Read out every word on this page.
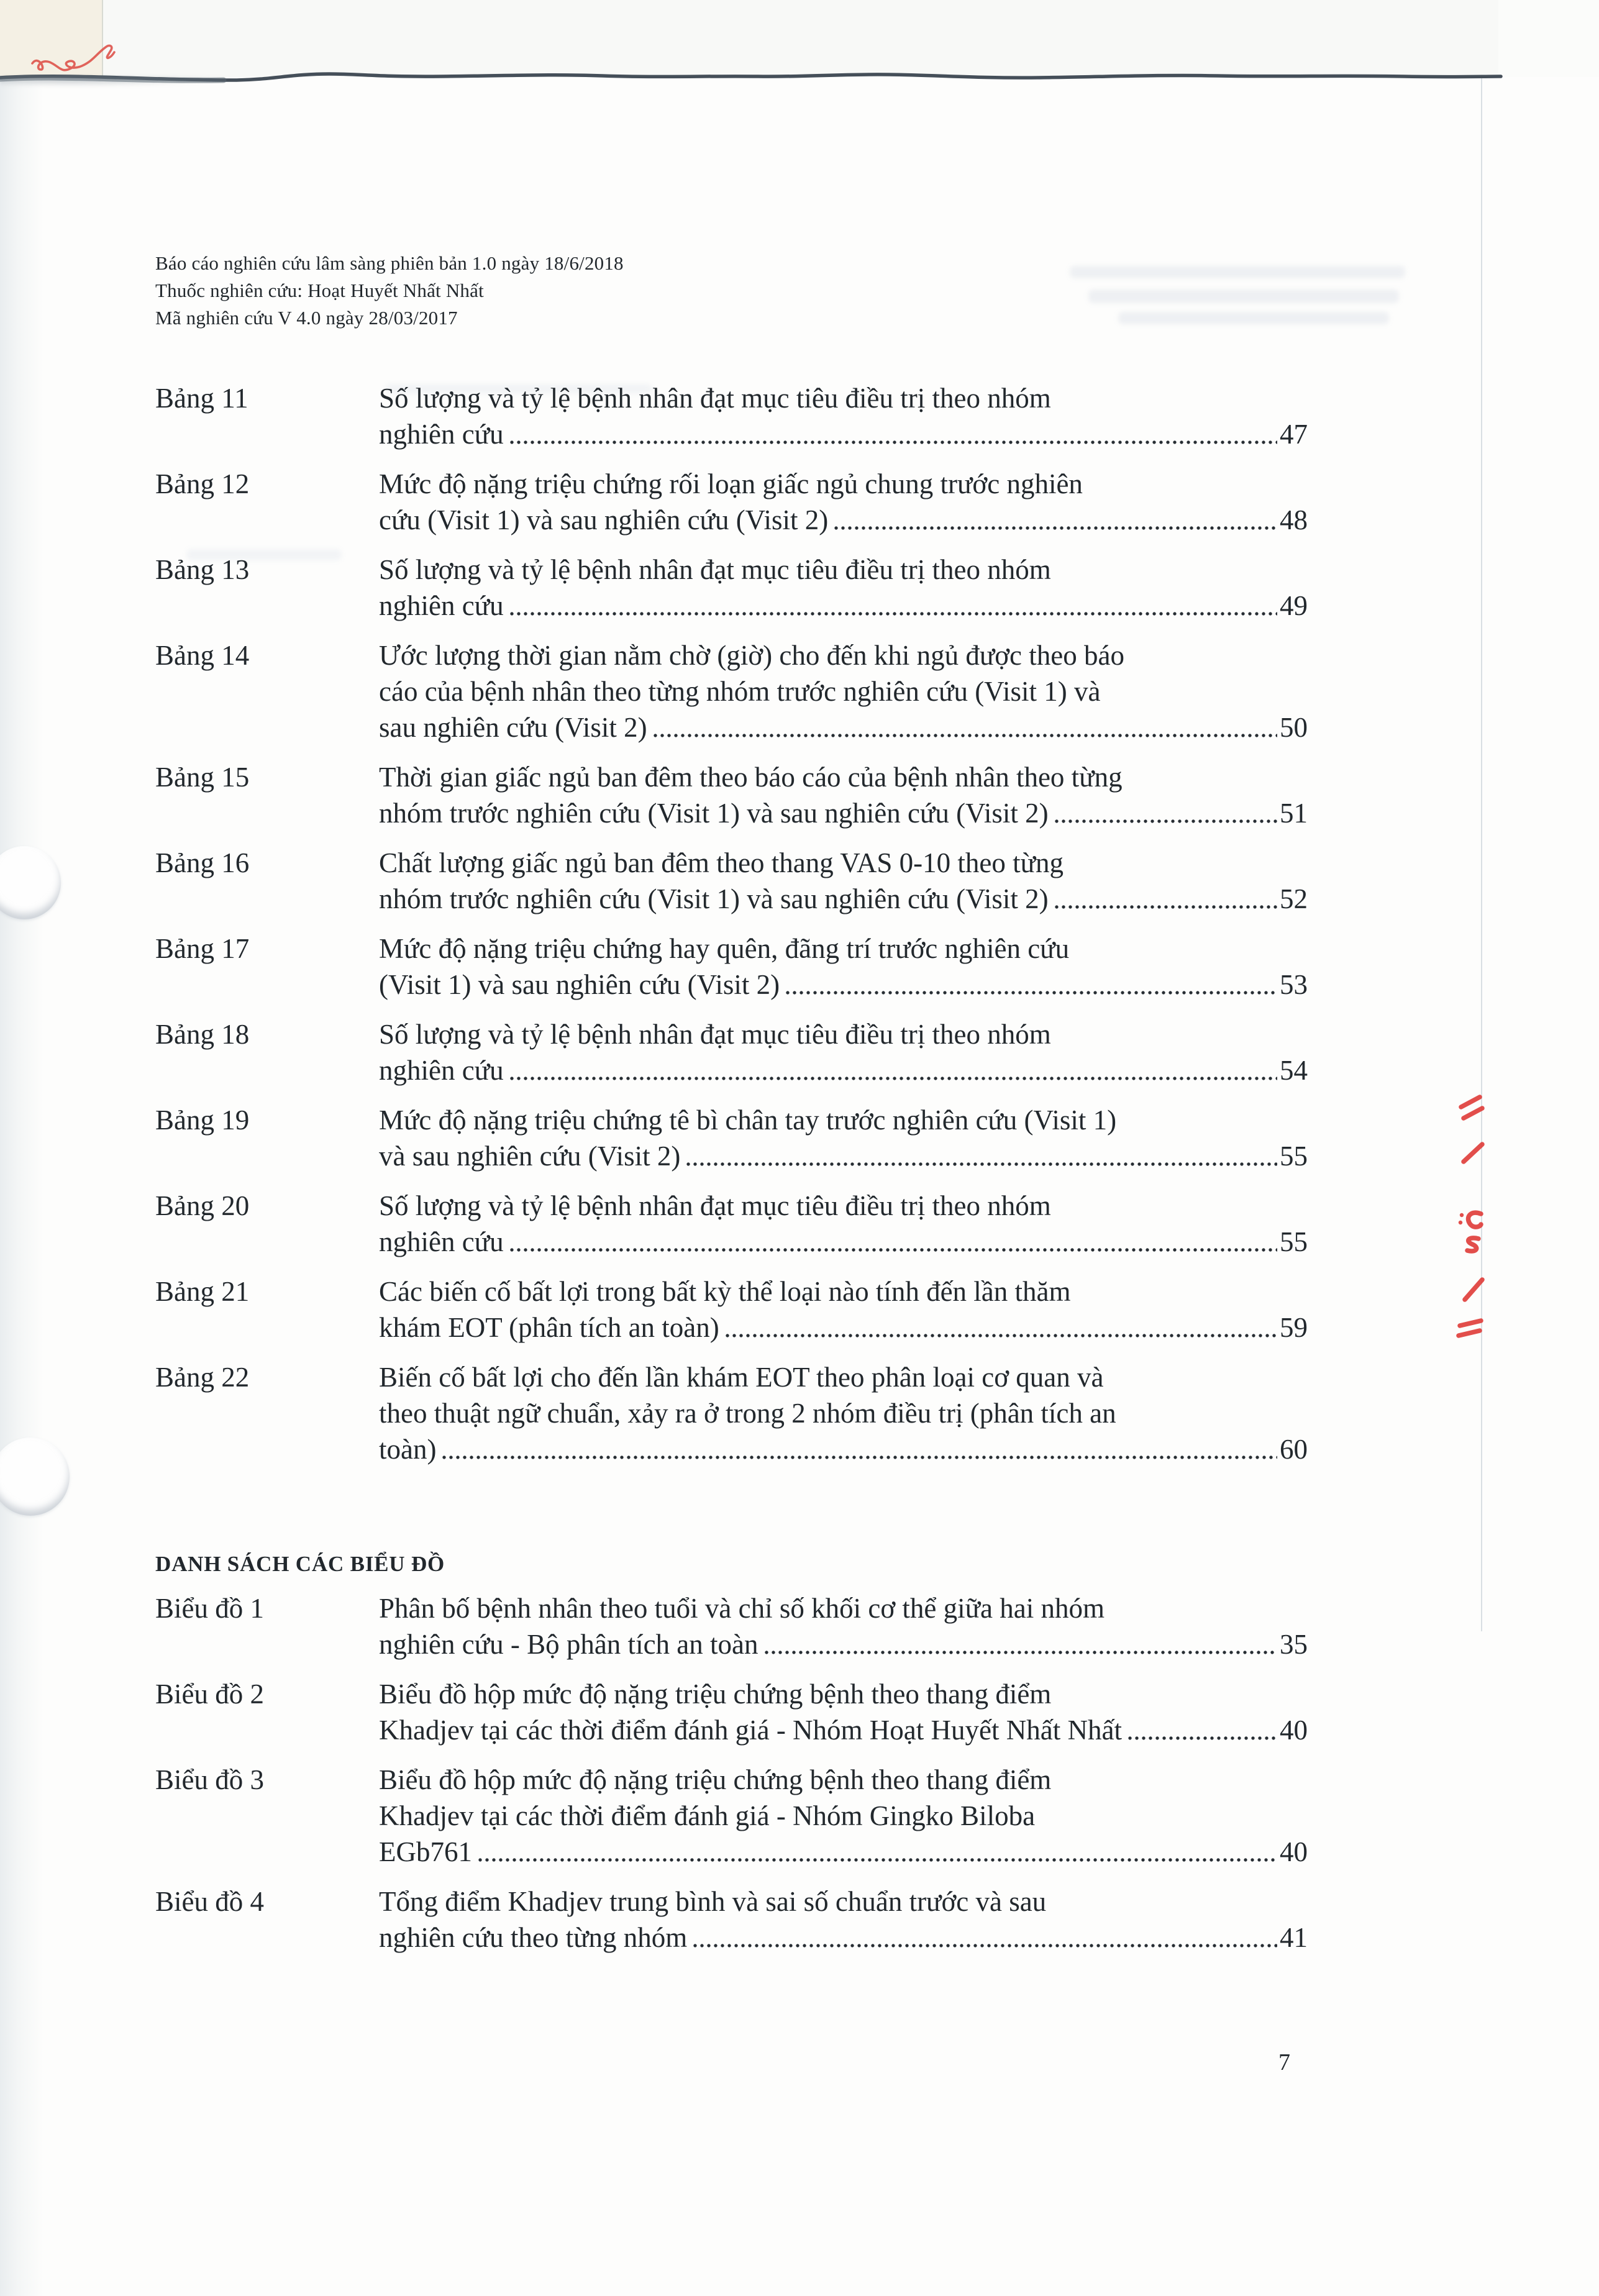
Báo cáo nghiên cứu lâm sàng phiên bản 1.0 ngày 18/6/2018
Thuốc nghiên cứu: Hoạt Huyết Nhất Nhất
Mã nghiên cứu V 4.0 ngày 28/03/2017
Bảng 11	Số lượng và tỷ lệ bệnh nhân đạt mục tiêu điều trị theo nhóm
nghiên cứu	47
Bảng 12	Mức độ nặng triệu chứng rối loạn giấc ngủ chung trước nghiên
cứu (Visit 1) và sau nghiên cứu (Visit 2)	48
Bảng 13	Số lượng và tỷ lệ bệnh nhân đạt mục tiêu điều trị theo nhóm
nghiên cứu	49
Bảng 14	Ước lượng thời gian nằm chờ (giờ) cho đến khi ngủ được theo báo
cáo của bệnh nhân theo từng nhóm trước nghiên cứu (Visit 1) và
sau nghiên cứu (Visit 2)	50
Bảng 15	Thời gian giấc ngủ ban đêm theo báo cáo của bệnh nhân theo từng
nhóm trước nghiên cứu (Visit 1) và sau nghiên cứu (Visit 2)	51
Bảng 16	Chất lượng giấc ngủ ban đêm theo thang VAS 0-10 theo từng
nhóm trước nghiên cứu (Visit 1) và sau nghiên cứu (Visit 2)	52
Bảng 17	Mức độ nặng triệu chứng hay quên, đãng trí trước nghiên cứu
(Visit 1) và sau nghiên cứu (Visit 2)	53
Bảng 18	Số lượng và tỷ lệ bệnh nhân đạt mục tiêu điều trị theo nhóm
nghiên cứu	54
Bảng 19	Mức độ nặng triệu chứng tê bì chân tay trước nghiên cứu (Visit 1)
và sau nghiên cứu (Visit 2)	55
Bảng 20	Số lượng và tỷ lệ bệnh nhân đạt mục tiêu điều trị theo nhóm
nghiên cứu	55
Bảng 21	Các biến cố bất lợi trong bất kỳ thể loại nào tính đến lần thăm
khám EOT (phân tích an toàn)	59
Bảng 22	Biến cố bất lợi cho đến lần khám EOT theo phân loại cơ quan và
theo thuật ngữ chuẩn, xảy ra ở trong 2 nhóm điều trị (phân tích an
toàn)	60
DANH SÁCH CÁC BIỂU ĐỒ
Biểu đồ 1	Phân bố bệnh nhân theo tuổi và chỉ số khối cơ thể giữa hai nhóm
nghiên cứu - Bộ phân tích an toàn	35
Biểu đồ 2	Biểu đồ hộp mức độ nặng triệu chứng bệnh theo thang điểm
Khadjev tại các thời điểm đánh giá - Nhóm Hoạt Huyết Nhất Nhất	40
Biểu đồ 3	Biểu đồ hộp mức độ nặng triệu chứng bệnh theo thang điểm
Khadjev tại các thời điểm đánh giá - Nhóm Gingko Biloba
EGb761	40
Biểu đồ 4	Tổng điểm Khadjev trung bình và sai số chuẩn trước và sau
nghiên cứu theo từng nhóm	41
7
